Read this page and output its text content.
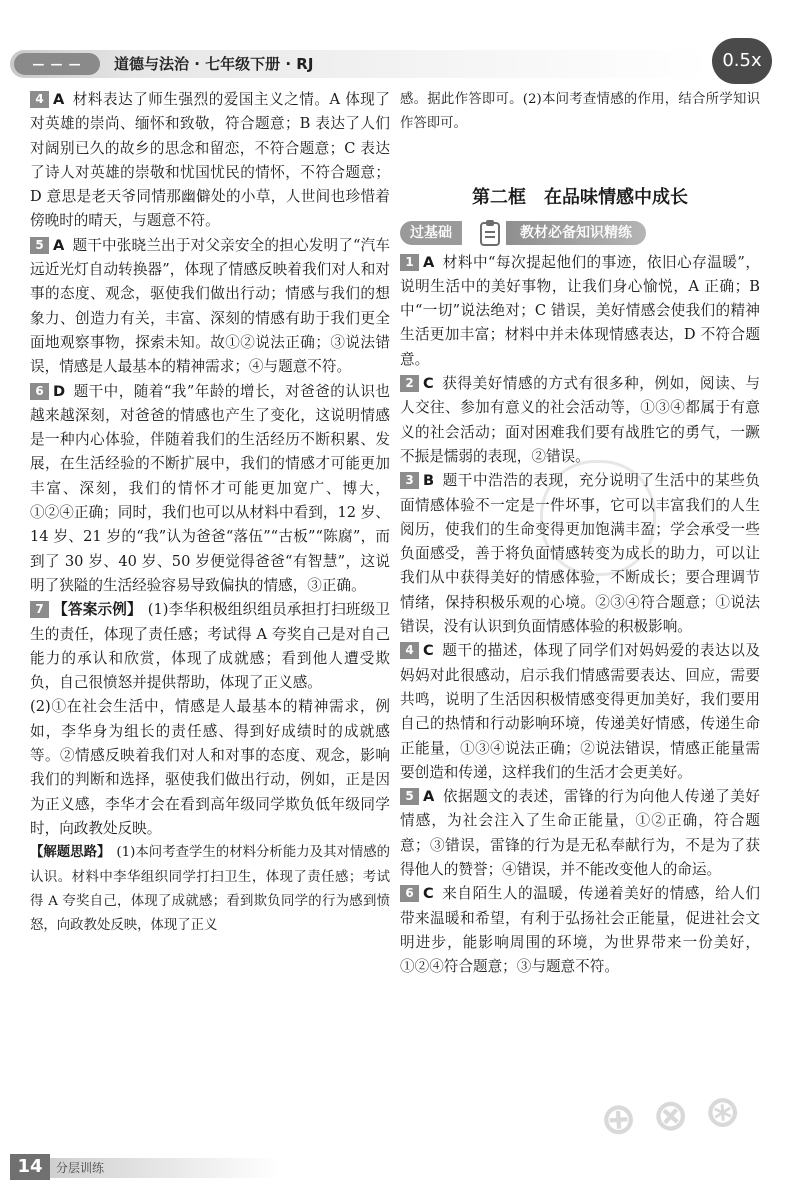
— — —	道德与法治 · 七年级下册 · RJ	0.5x

4 A 材料表达了师生强烈的爱国主义之情。A 体现了对英雄的崇尚、缅怀和致敬，符合题意；B 表达了人们对阔别已久的故乡的思念和留恋，不符合题意；C 表达了诗人对英雄的崇敬和忧国忧民的情怀，不符合题意；D 意思是老天爷同情那幽僻处的小草，人世间也珍惜着傍晚时的晴天，与题意不符。

5 A 题干中张晓兰出于对父亲安全的担心发明了“汽车远近光灯自动转换器”，体现了情感反映着我们对人和对事的态度、观念，驱使我们做出行动；情感与我们的想象力、创造力有关，丰富、深刻的情感有助于我们更全面地观察事物，探索未知。故①②说法正确；③说法错误，情感是人最基本的精神需求；④与题意不符。

6 D 题干中，随着“我”年龄的增长，对爸爸的认识也越来越深刻，对爸爸的情感也产生了变化，这说明情感是一种内心体验，伴随着我们的生活经历不断积累、发展，在生活经验的不断扩展中，我们的情感才可能更加丰富、深刻，我们的情怀才可能更加宽广、博大，①②④正确；同时，我们也可以从材料中看到，12 岁、14 岁、21 岁的“我”认为爸爸“落伍”“古板”“陈腐”，而到了 30 岁、40 岁、50 岁便觉得爸爸“有智慧”，这说明了狭隘的生活经验容易导致偏执的情感，③正确。

7 【答案示例】 (1)李华积极组织组员承担打扫班级卫生的责任，体现了责任感；考试得 A 夸奖自己是对自己能力的承认和欣赏，体现了成就感；看到他人遭受欺负，自己很愤怒并提供帮助，体现了正义感。

(2)①在社会生活中，情感是人最基本的精神需求，例如，李华身为组长的责任感、得到好成绩时的成就感等。②情感反映着我们对人和对事的态度、观念，影响我们的判断和选择，驱使我们做出行动，例如，正是因为正义感，李华才会在看到高年级同学欺负低年级同学时，向政教处反映。

【解题思路】 (1)本问考查学生的材料分析能力及其对情感的认识。材料中李华组织同学打扫卫生，体现了责任感；考试得 A 夸奖自己，体现了成就感；看到欺负同学的行为感到愤怒，向政教处反映，体现了正义

感。据此作答即可。(2)本问考查情感的作用，结合所学知识作答即可。

第二框　在品味情感中成长
过基础	教材必备知识精练

1 A 材料中“每次提起他们的事迹，依旧心存温暖”，说明生活中的美好事物，让我们身心愉悦，A 正确；B 中“一切”说法绝对；C 错误，美好情感会使我们的精神生活更加丰富；材料中并未体现情感表达，D 不符合题意。

2 C 获得美好情感的方式有很多种，例如，阅读、与人交往、参加有意义的社会活动等，①③④都属于有意义的社会活动；面对困难我们要有战胜它的勇气，一蹶不振是懦弱的表现，②错误。

3 B 题干中浩浩的表现，充分说明了生活中的某些负面情感体验不一定是一件坏事，它可以丰富我们的人生阅历，使我们的生命变得更加饱满丰盈；学会承受一些负面感受，善于将负面情感转变为成长的助力，可以让我们从中获得美好的情感体验，不断成长；要合理调节情绪，保持积极乐观的心境。②③④符合题意；①说法错误，没有认识到负面情感体验的积极影响。

4 C 题干的描述，体现了同学们对妈妈爱的表达以及妈妈对此很感动，启示我们情感需要表达、回应，需要共鸣，说明了生活因积极情感变得更加美好，我们要用自己的热情和行动影响环境，传递美好情感，传递生命正能量，①③④说法正确；②说法错误，情感正能量需要创造和传递，这样我们的生活才会更美好。

5 A 依据题文的表述，雷锋的行为向他人传递了美好情感，为社会注入了生命正能量，①②正确，符合题意；③错误，雷锋的行为是无私奉献行为，不是为了获得他人的赞誉；④错误，并不能改变他人的命运。

6 C 来自陌生人的温暖，传递着美好的情感，给人们带来温暖和希望，有利于弘扬社会正能量，促进社会文明进步，能影响周围的环境，为世界带来一份美好，①②④符合题意；③与题意不符。

⊕ ⊗ ⊛
14	分层训练
